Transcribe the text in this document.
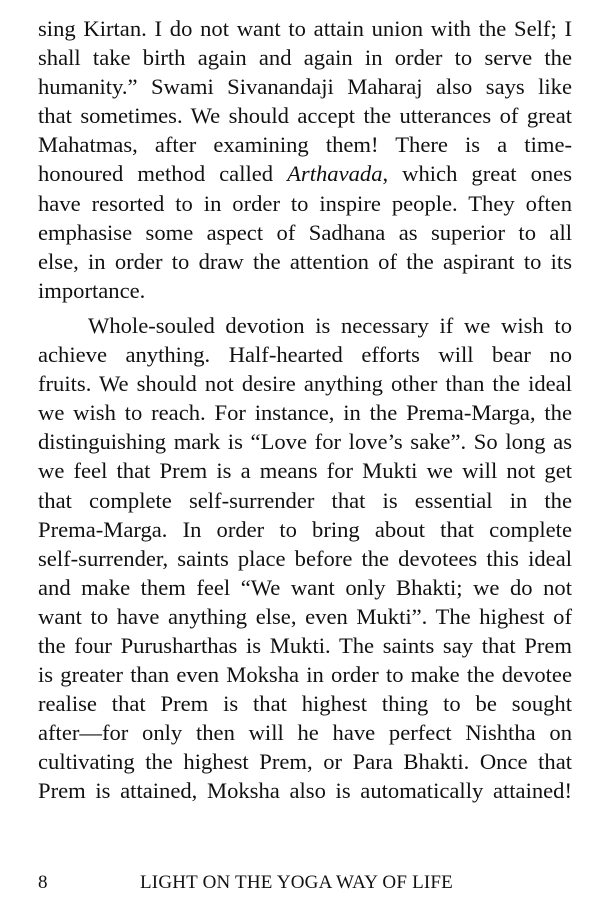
sing Kirtan. I do not want to attain union with the Self; I
shall take birth again and again in order to serve the
humanity.” Swami Sivanandaji Maharaj also says like
that sometimes. We should accept the utterances of great
Mahatmas, after examining them! There is a time-
honoured method called Arthavada, which great ones
have resorted to in order to inspire people. They often
emphasise some aspect of Sadhana as superior to all
else, in order to draw the attention of the aspirant to its
importance.
Whole-souled devotion is necessary if we wish to
achieve anything. Half-hearted efforts will bear no
fruits. We should not desire anything other than the ideal
we wish to reach. For instance, in the Prema-Marga, the
distinguishing mark is “Love for love’s sake”. So long as
we feel that Prem is a means for Mukti we will not get
that complete self-surrender that is essential in the
Prema-Marga. In order to bring about that complete
self-surrender, saints place before the devotees this ideal
and make them feel “We want only Bhakti; we do not
want to have anything else, even Mukti”. The highest of
the four Purusharthas is Mukti. The saints say that Prem
is greater than even Moksha in order to make the devotee
realise that Prem is that highest thing to be sought
after—for only then will he have perfect Nishtha on
cultivating the highest Prem, or Para Bhakti. Once that
Prem is attained, Moksha also is automatically attained!
8	LIGHT ON THE YOGA WAY OF LIFE
